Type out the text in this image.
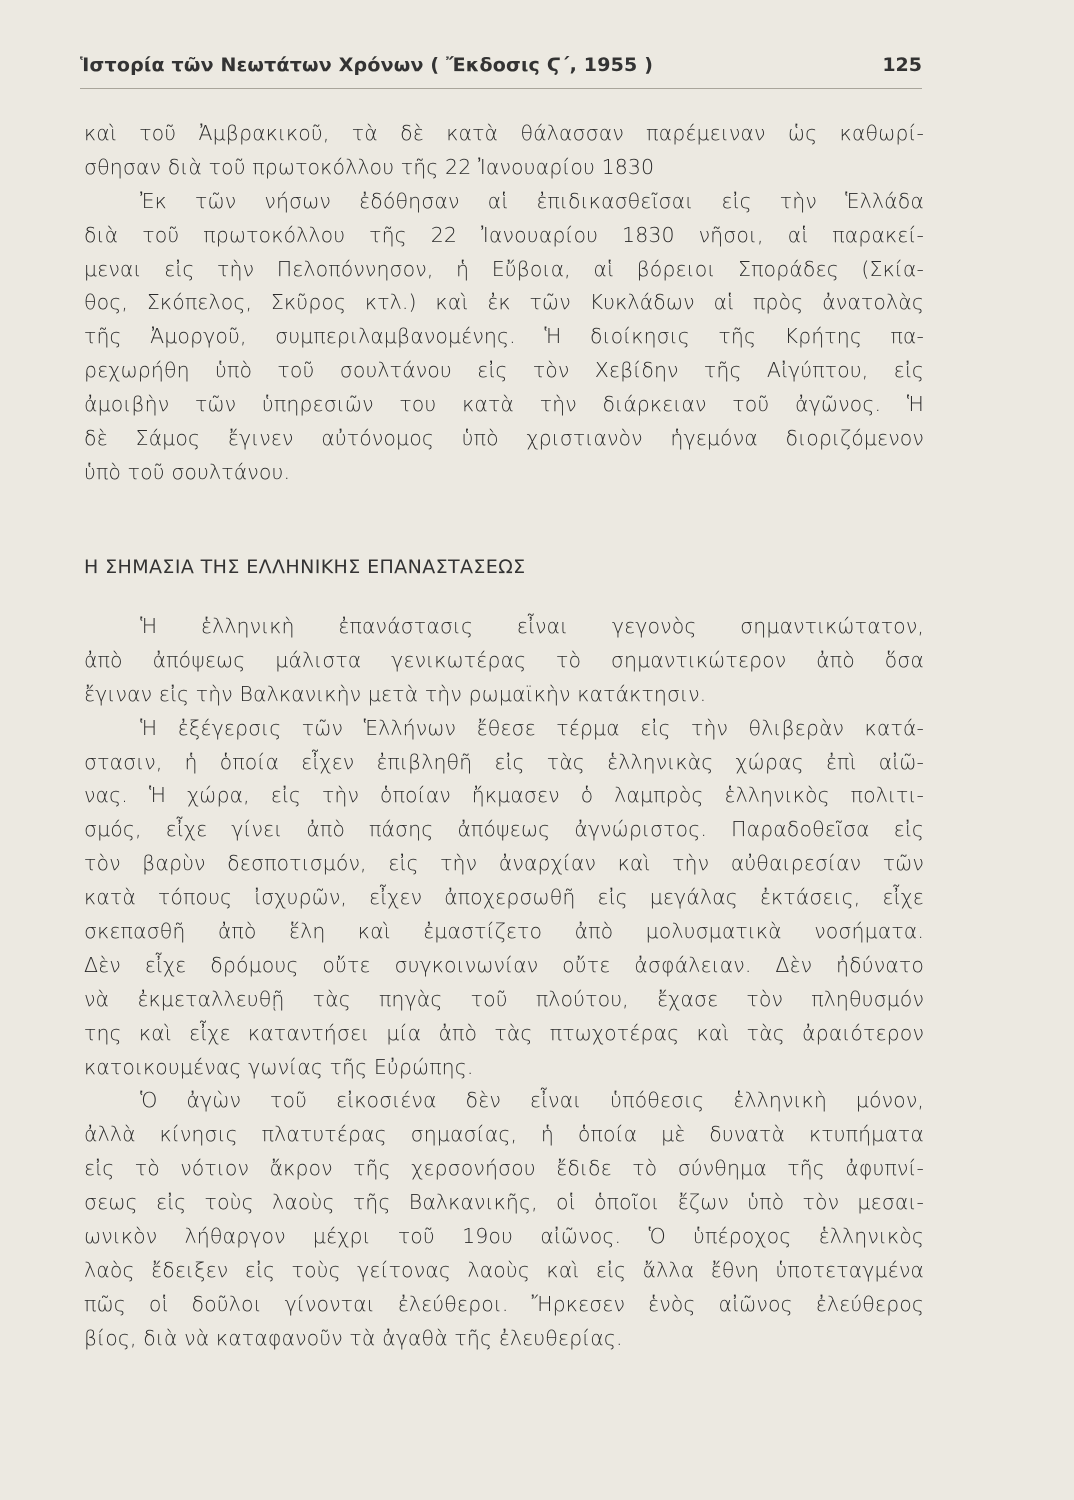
Ἱστορία τῶν Νεωτάτων Χρόνων ( Ἔκδοσις Ϛ΄, 1955 )	125
καὶ τοῦ Ἀμβρακικοῦ, τὰ δὲ κατὰ θάλασσαν παρέμειναν ὡς καθωρί-
σθησαν διὰ τοῦ πρωτοκόλλου τῆς 22 Ἰανουαρίου 1830
Ἐκ τῶν νήσων ἐδόθησαν αἱ ἐπιδικασθεῖσαι εἰς τὴν Ἑλλάδα
διὰ τοῦ πρωτοκόλλου τῆς 22 Ἰανουαρίου 1830 νῆσοι, αἱ παρακεί-
μεναι εἰς τὴν Πελοπόννησον, ἡ Εὔβοια, αἱ βόρειοι Σποράδες (Σκία-
θος, Σκόπελος, Σκῦρος κτλ.) καὶ ἐκ τῶν Κυκλάδων αἱ πρὸς ἀνατολὰς
τῆς Ἀμοργοῦ, συμπεριλαμβανομένης. Ἡ διοίκησις τῆς Κρήτης πα-
ρεχωρήθη ὑπὸ τοῦ σουλτάνου εἰς τὸν Χεβίδην τῆς Αἰγύπτου, εἰς
ἀμοιβὴν τῶν ὑπηρεσιῶν του κατὰ τὴν διάρκειαν τοῦ ἀγῶνος. Ἡ
δὲ Σάμος ἔγινεν αὐτόνομος ὑπὸ χριστιανὸν ἡγεμόνα διοριζόμενον
ὑπὸ τοῦ σουλτάνου.
Η ΣΗΜΑΣΙΑ ΤΗΣ ΕΛΛΗΝΙΚΗΣ ΕΠΑΝΑΣΤΑΣΕΩΣ
Ἡ ἑλληνικὴ ἐπανάστασις εἶναι γεγονὸς σημαντικώτατον,
ἀπὸ ἀπόψεως μάλιστα γενικωτέρας τὸ σημαντικώτερον ἀπὸ ὅσα
ἔγιναν εἰς τὴν Βαλκανικὴν μετὰ τὴν ρωμαϊκὴν κατάκτησιν.
Ἡ ἐξέγερσις τῶν Ἑλλήνων ἔθεσε τέρμα εἰς τὴν θλιβερὰν κατά-
στασιν, ἡ ὁποία εἶχεν ἐπιβληθῆ εἰς τὰς ἑλληνικὰς χώρας ἐπὶ αἰῶ-
νας. Ἡ χώρα, εἰς τὴν ὁποίαν ἤκμασεν ὁ λαμπρὸς ἑλληνικὸς πολιτι-
σμός, εἶχε γίνει ἀπὸ πάσης ἀπόψεως ἀγνώριστος. Παραδοθεῖσα εἰς
τὸν βαρὺν δεσποτισμόν, εἰς τὴν ἀναρχίαν καὶ τὴν αὐθαιρεσίαν τῶν
κατὰ τόπους ἰσχυρῶν, εἶχεν ἀποχερσωθῆ εἰς μεγάλας ἐκτάσεις, εἶχε
σκεπασθῆ ἀπὸ ἕλη καὶ ἐμαστίζετο ἀπὸ μολυσματικὰ νοσήματα.
Δὲν εἶχε δρόμους οὔτε συγκοινωνίαν οὔτε ἀσφάλειαν. Δὲν ἠδύνατο
νὰ ἐκμεταλλευθῇ τὰς πηγὰς τοῦ πλούτου, ἔχασε τὸν πληθυσμόν
της καὶ εἶχε καταντήσει μία ἀπὸ τὰς πτωχοτέρας καὶ τὰς ἀραιότερον
κατοικουμένας γωνίας τῆς Εὐρώπης.
Ὁ ἀγὼν τοῦ εἰκοσιένα δὲν εἶναι ὑπόθεσις ἑλληνικὴ μόνον,
ἀλλὰ κίνησις πλατυτέρας σημασίας, ἡ ὁποία μὲ δυνατὰ κτυπήματα
εἰς τὸ νότιον ἄκρον τῆς χερσονήσου ἔδιδε τὸ σύνθημα τῆς ἀφυπνί-
σεως εἰς τοὺς λαοὺς τῆς Βαλκανικῆς, οἱ ὁποῖοι ἔζων ὑπὸ τὸν μεσαι-
ωνικὸν λήθαργον μέχρι τοῦ 19ου αἰῶνος. Ὁ ὑπέροχος ἑλληνικὸς
λαὸς ἔδειξεν εἰς τοὺς γείτονας λαοὺς καὶ εἰς ἄλλα ἔθνη ὑποτεταγμένα
πῶς οἱ δοῦλοι γίνονται ἐλεύθεροι. Ἤρκεσεν ἑνὸς αἰῶνος ἐλεύθερος
βίος, διὰ νὰ καταφανοῦν τὰ ἀγαθὰ τῆς ἐλευθερίας.
